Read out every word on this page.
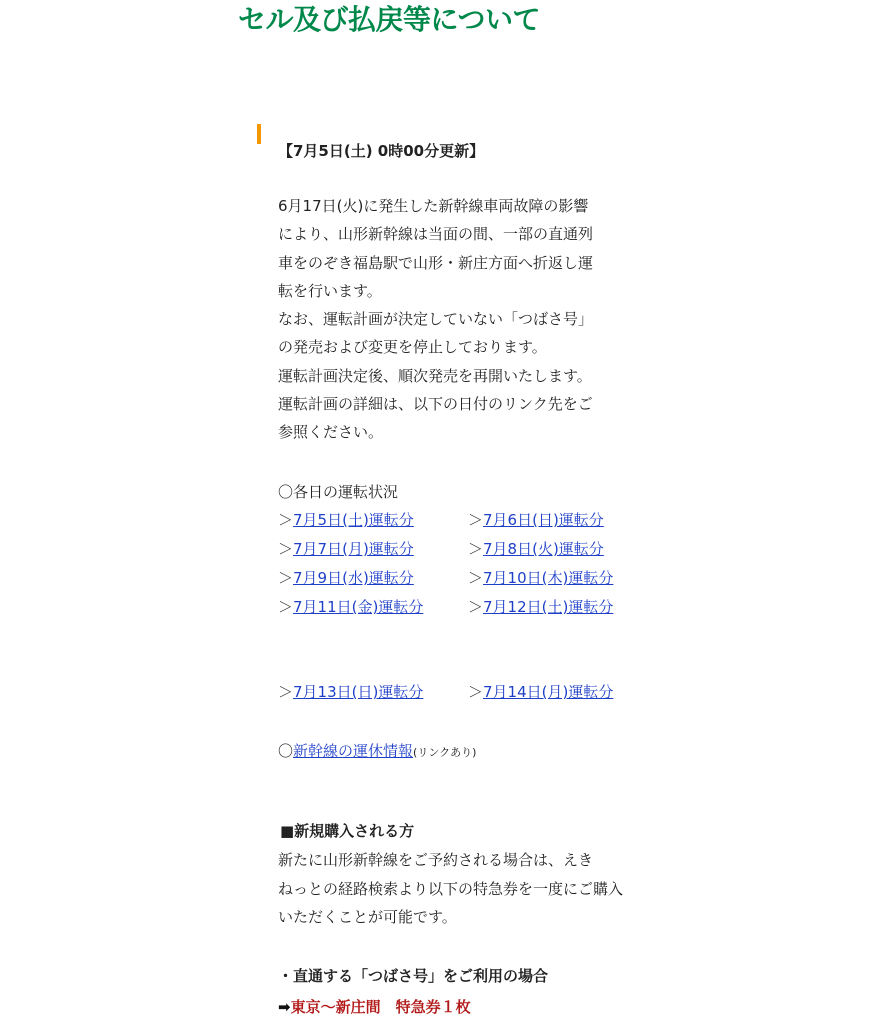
セル及び払戻等について
【7月5日(土) 0時00分更新】
6月17日(火)に発生した新幹線車両故障の影響
により、山形新幹線は当面の間、一部の直通列
車をのぞき福島駅で山形・新庄方面へ折返し運
転を行います。
なお、運転計画が決定していない「つばさ号」
の発売および変更を停止しております。
運転計画決定後、順次発売を再開いたします。
運転計画の詳細は、以下の日付のリンク先をご
参照ください。
〇各日の運転状況
＞7月5日(土)運転分	＞7月6日(日)運転分
＞7月7日(月)運転分	＞7月8日(火)運転分
＞7月9日(水)運転分	＞7月10日(木)運転分
＞7月11日(金)運転分	＞7月12日(土)運転分
＞7月13日(日)運転分	＞7月14日(月)運転分
〇新幹線の運休情報(リンクあり)
■新規購入される方
新たに山形新幹線をご予約される場合は、えき
ねっとの経路検索より以下の特急券を一度にご購入
いただくことが可能です。
・直通する「つばさ号」をご利用の場合
➡東京～新庄間　特急券１枚
